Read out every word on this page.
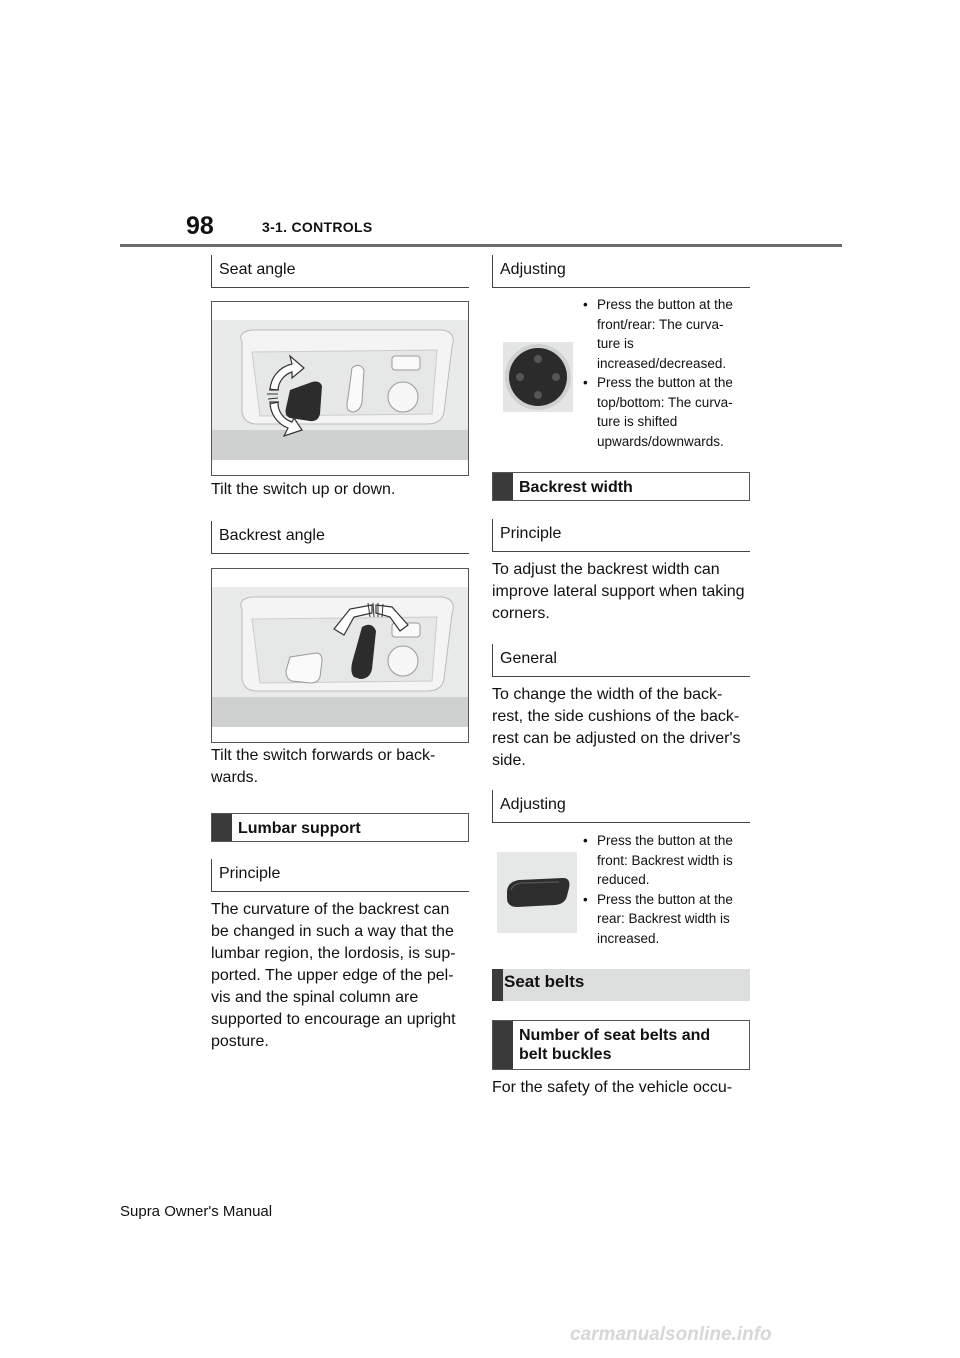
98	3-1. CONTROLS
Seat angle
Tilt the switch up or down.
Backrest angle
Tilt the switch forwards or back-
wards.
Lumbar support
Principle
The curvature of the backrest can be changed in such a way that the lumbar region, the lordosis, is sup- ported. The upper edge of the pel- vis and the spinal column are supported to encourage an upright posture.
Adjusting
• Press the button at the front/rear: The curva- ture is increased/decreased.
• Press the button at the top/bottom: The curva- ture is shifted upwards/downwards.
Backrest width
Principle
To adjust the backrest width can improve lateral support when taking corners.
General
To change the width of the back- rest, the side cushions of the back- rest can be adjusted on the driver's side.
Adjusting
• Press the button at the front: Backrest width is reduced.
• Press the button at the rear: Backrest width is increased.
Seat belts
Number of seat belts and belt buckles
For the safety of the vehicle occu-
Supra Owner's Manual
carmanualsonline.info
